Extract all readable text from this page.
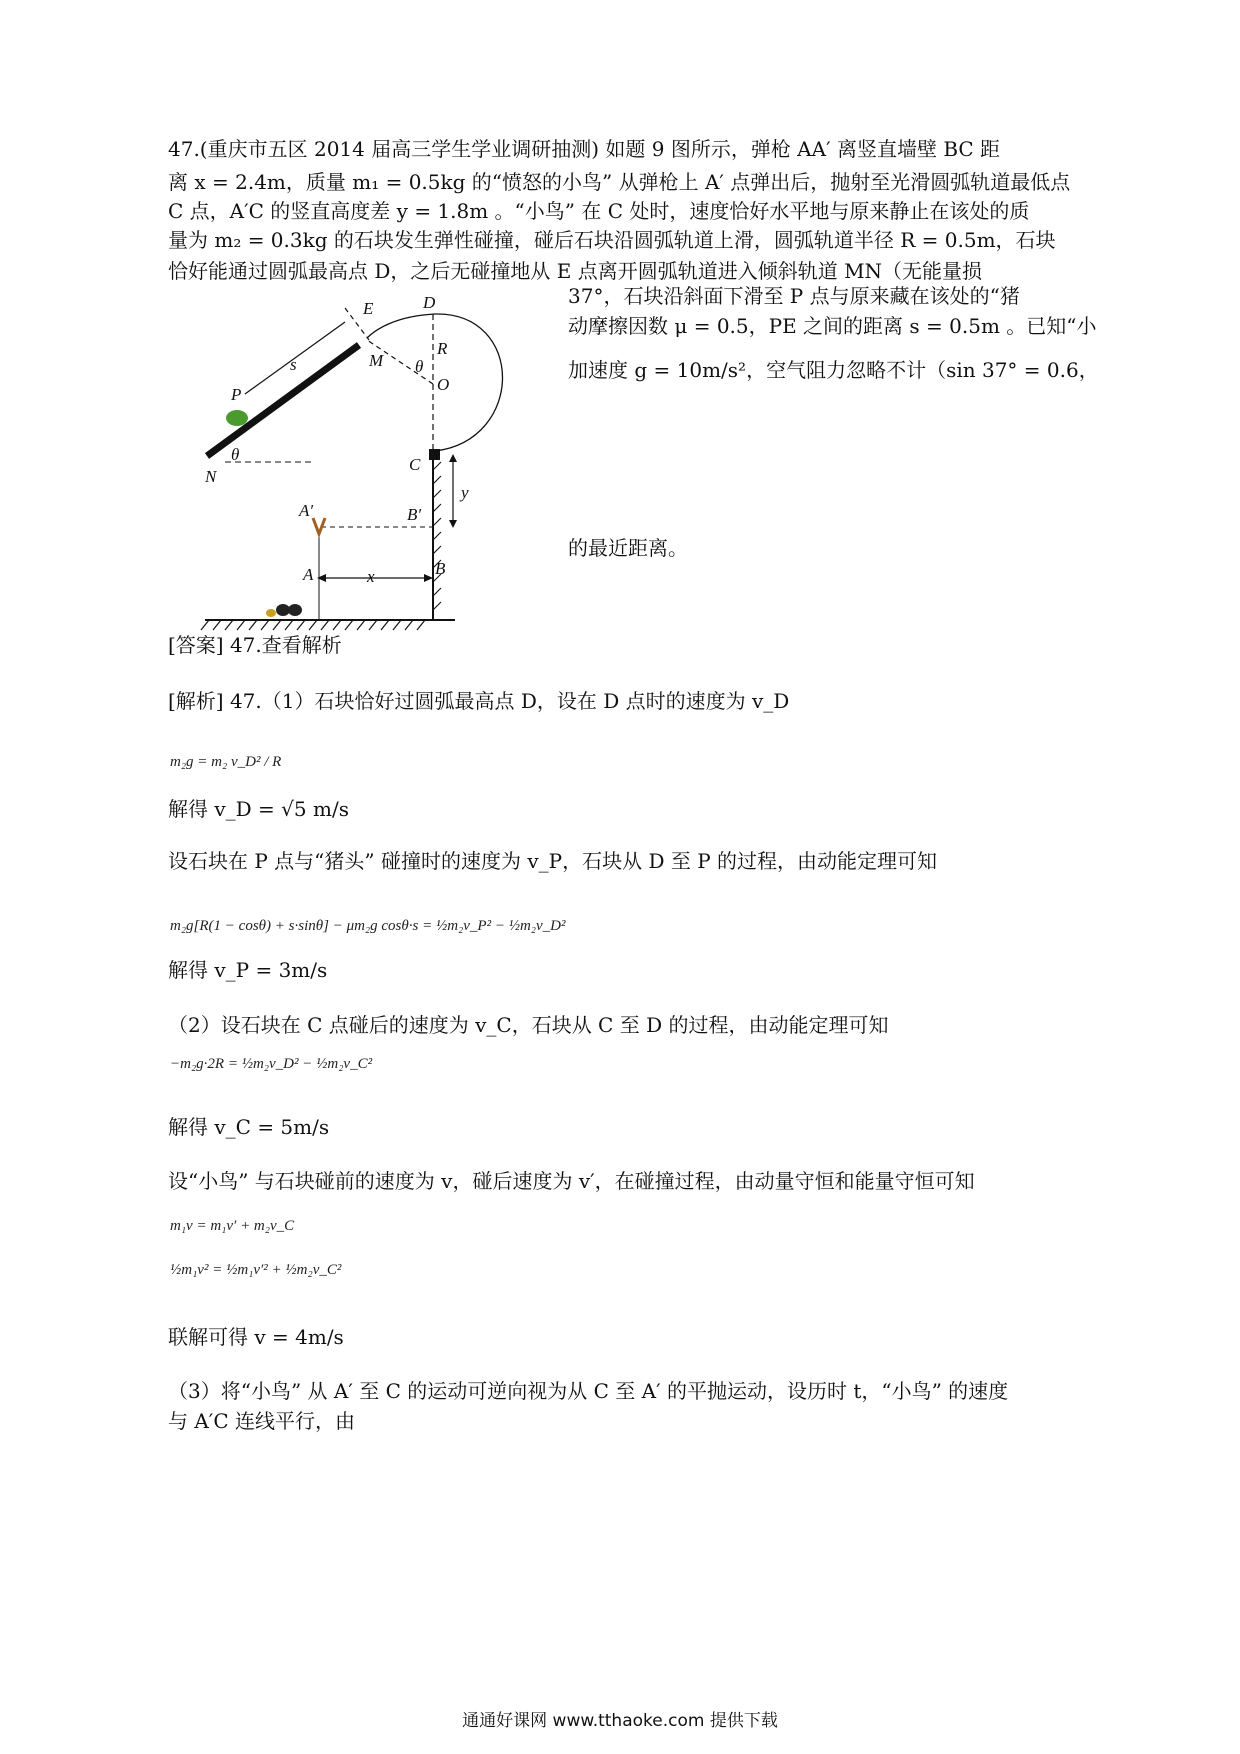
47.(重庆市五区 2014 届高三学生学业调研抽测) 如题 9 图所示，弹枪 AA′ 离竖直墙壁 BC 距
离 x = 2.4m，质量 m₁ = 0.5kg 的“愤怒的小鸟” 从弹枪上 A′ 点弹出后，抛射至光滑圆弧轨道最低点
C 点，A′C 的竖直高度差 y = 1.8m 。“小鸟” 在 C 处时，速度恰好水平地与原来静止在该处的质
量为 m₂ = 0.3kg 的石块发生弹性碰撞，碰后石块沿圆弧轨道上滑，圆弧轨道半径 R = 0.5m，石块
恰好能通过圆弧最高点 D，之后无碰撞地从 E 点离开圆弧轨道进入倾斜轨道 MN（无能量损
37°，石块沿斜面下滑至 P 点与原来藏在该处的“猪
动摩擦因数 μ = 0.5，PE 之间的距离 s = 0.5m 。已知“小
加速度 g = 10m/s²，空气阻力忽略不计（sin 37° = 0.6，
的最近距离。
E	D
M
R
θ
O
s
P
N
θ
C
y
A′	B′
A	x	B
[答案] 47.查看解析
[解析] 47.（1）石块恰好过圆弧最高点 D，设在 D 点时的速度为 v_D
m₂g = m₂ v_D² / R
解得 v_D = √5 m/s
设石块在 P 点与“猪头” 碰撞时的速度为 v_P，石块从 D 至 P 的过程，由动能定理可知
m₂g[R(1 − cosθ) + s·sinθ] − μm₂g cosθ·s = ½m₂v_P² − ½m₂v_D²
解得 v_P = 3m/s
（2）设石块在 C 点碰后的速度为 v_C，石块从 C 至 D 的过程，由动能定理可知
−m₂g·2R = ½m₂v_D² − ½m₂v_C²
解得 v_C = 5m/s
设“小鸟” 与石块碰前的速度为 v，碰后速度为 v′，在碰撞过程，由动量守恒和能量守恒可知
m₁v = m₁v′ + m₂v_C
½m₁v² = ½m₁v′² + ½m₂v_C²
联解可得 v = 4m/s
（3）将“小鸟” 从 A′ 至 C 的运动可逆向视为从 C 至 A′ 的平抛运动，设历时 t，“小鸟” 的速度
与 A′C 连线平行，由
通通好课网 www.tthaoke.com 提供下载
